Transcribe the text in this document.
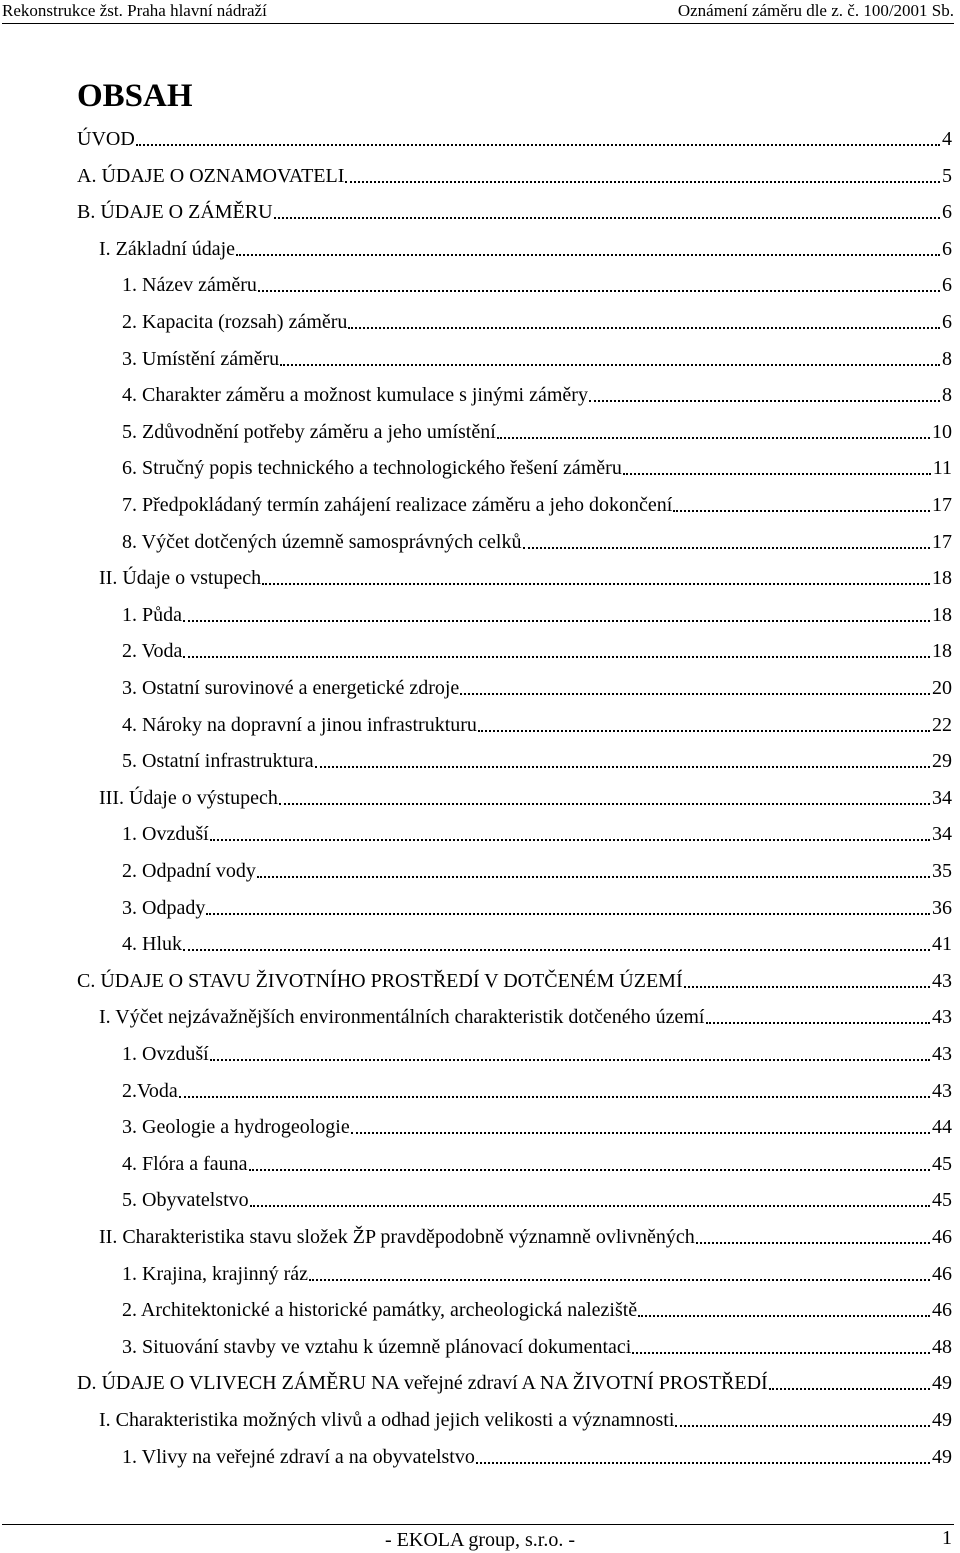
Rekonstrukce žst. Praha hlavní nádraží	Oznámení záměru dle z. č. 100/2001 Sb.
OBSAH
ÚVOD	4
A. ÚDAJE O OZNAMOVATELI	5
B. ÚDAJE O ZÁMĚRU	6
I. Základní údaje	6
1. Název záměru	6
2. Kapacita (rozsah) záměru	6
3. Umístění záměru	8
4. Charakter záměru a možnost kumulace s jinými záměry	8
5. Zdůvodnění potřeby záměru a jeho umístění	10
6. Stručný popis technického a technologického řešení záměru	11
7. Předpokládaný termín zahájení realizace záměru a jeho dokončení	17
8. Výčet dotčených územně samosprávných celků	17
II. Údaje o vstupech	18
1. Půda	18
2. Voda	18
3. Ostatní surovinové a energetické zdroje	20
4. Nároky na dopravní a jinou infrastrukturu	22
5. Ostatní infrastruktura	29
III. Údaje o výstupech	34
1. Ovzduší	34
2. Odpadní vody	35
3. Odpady	36
4. Hluk	41
C. ÚDAJE O STAVU ŽIVOTNÍHO PROSTŘEDÍ V DOTČENÉM ÚZEMÍ	43
I. Výčet nejzávažnějších environmentálních charakteristik dotčeného území	43
1. Ovzduší	43
2.Voda	43
3. Geologie a hydrogeologie	44
4. Flóra a fauna	45
5. Obyvatelstvo	45
II. Charakteristika stavu složek ŽP pravděpodobně významně ovlivněných	46
1. Krajina, krajinný ráz	46
2. Architektonické a historické památky, archeologická naleziště	46
3. Situování stavby ve vztahu k územně plánovací dokumentaci	48
D. ÚDAJE O VLIVECH ZÁMĚRU NA veřejné zdraví A NA ŽIVOTNÍ PROSTŘEDÍ	49
I. Charakteristika možných vlivů a odhad jejich velikosti a významnosti	49
1. Vlivy na veřejné zdraví a na obyvatelstvo	49
- EKOLA group, s.r.o. -	1
